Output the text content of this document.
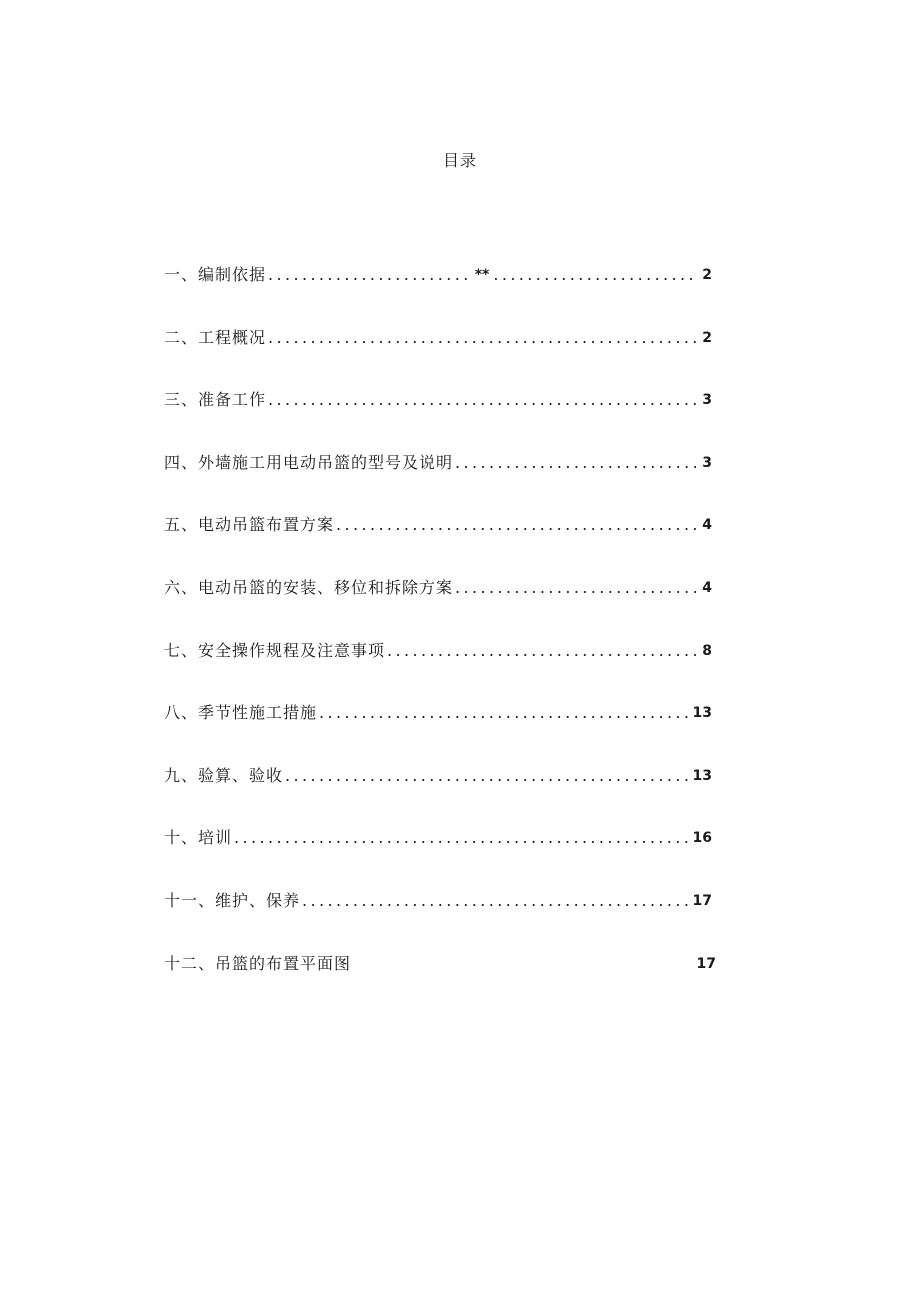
目录
一、编制依据 .....	** .....	2
二、工程概况 .....	2
三、准备工作 .....	3
四、外墙施工用电动吊篮的型号及说明 .....	3
五、电动吊篮布置方案 .....	4
六、电动吊篮的安装、移位和拆除方案 .....	4
七、安全操作规程及注意事项 .....	8
八、季节性施工措施 .....	13
九、验算、验收 .....	13
十、培训 .....	16
十一、维护、保养 .....	17
十二、吊篮的布置平面图	17
